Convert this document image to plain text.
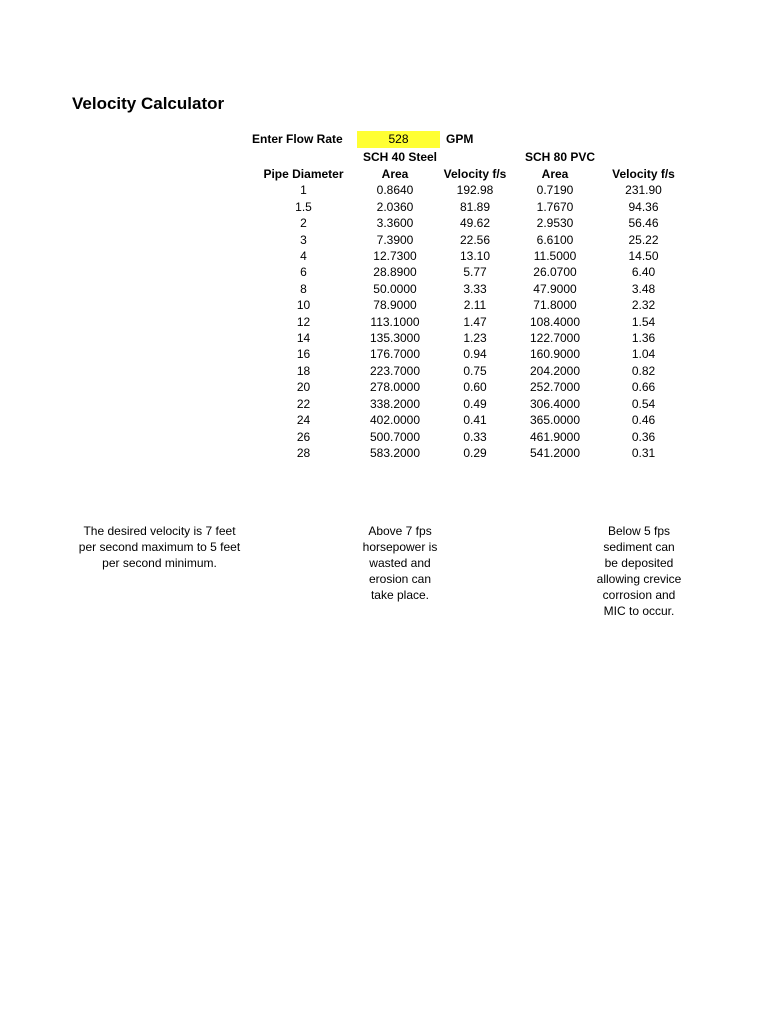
Velocity Calculator
Enter Flow Rate	528	GPM
SCH 40 Steel	SCH 80 PVC
Pipe Diameter	Area	Velocity f/s	Area	Velocity f/s
1	0.8640	192.98	0.7190	231.90
1.5	2.0360	81.89	1.7670	94.36
2	3.3600	49.62	2.9530	56.46
3	7.3900	22.56	6.6100	25.22
4	12.7300	13.10	11.5000	14.50
6	28.8900	5.77	26.0700	6.40
8	50.0000	3.33	47.9000	3.48
10	78.9000	2.11	71.8000	2.32
12	113.1000	1.47	108.4000	1.54
14	135.3000	1.23	122.7000	1.36
16	176.7000	0.94	160.9000	1.04
18	223.7000	0.75	204.2000	0.82
20	278.0000	0.60	252.7000	0.66
22	338.2000	0.49	306.4000	0.54
24	402.0000	0.41	365.0000	0.46
26	500.7000	0.33	461.9000	0.36
28	583.2000	0.29	541.2000	0.31
The desired velocity is 7 feet
per second maximum to 5 feet
per second minimum.
Above 7 fps
horsepower is
wasted and
erosion can
take place.
Below 5 fps
sediment can
be deposited
allowing crevice
corrosion and
MIC to occur.
